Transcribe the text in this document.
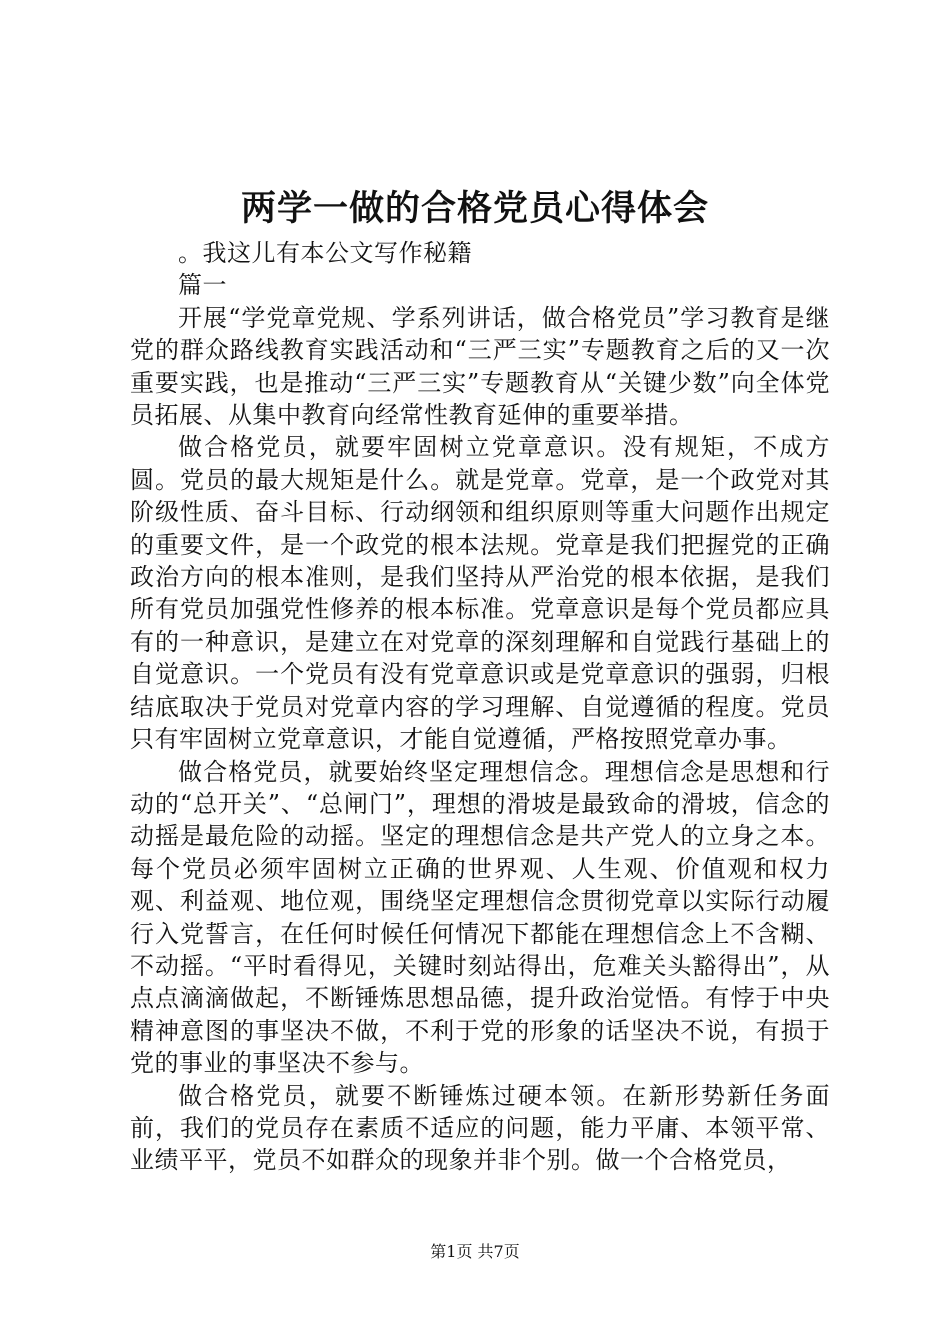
两学一做的合格党员心得体会

。我这儿有本公文写作秘籍

篇一

开展“学党章党规、学系列讲话，做合格党员”学习教育是继党的群众路线教育实践活动和“三严三实”专题教育之后的又一次重要实践，也是推动“三严三实”专题教育从“关键少数”向全体党员拓展、从集中教育向经常性教育延伸的重要举措。

做合格党员，就要牢固树立党章意识。没有规矩，不成方圆。党员的最大规矩是什么。就是党章。党章，是一个政党对其阶级性质、奋斗目标、行动纲领和组织原则等重大问题作出规定的重要文件，是一个政党的根本法规。党章是我们把握党的正确政治方向的根本准则，是我们坚持从严治党的根本依据，是我们所有党员加强党性修养的根本标准。党章意识是每个党员都应具有的一种意识，是建立在对党章的深刻理解和自觉践行基础上的自觉意识。一个党员有没有党章意识或是党章意识的强弱，归根结底取决于党员对党章内容的学习理解、自觉遵循的程度。党员只有牢固树立党章意识，才能自觉遵循，严格按照党章办事。

做合格党员，就要始终坚定理想信念。理想信念是思想和行动的“总开关”、“总闸门”，理想的滑坡是最致命的滑坡，信念的动摇是最危险的动摇。坚定的理想信念是共产党人的立身之本。每个党员必须牢固树立正确的世界观、人生观、价值观和权力观、利益观、地位观，围绕坚定理想信念贯彻党章以实际行动履行入党誓言，在任何时候任何情况下都能在理想信念上不含糊、不动摇。“平时看得见，关键时刻站得出，危难关头豁得出”，从点点滴滴做起，不断锤炼思想品德，提升政治觉悟。有悖于中央精神意图的事坚决不做，不利于党的形象的话坚决不说，有损于党的事业的事坚决不参与。

做合格党员，就要不断锤炼过硬本领。在新形势新任务面前，我们的党员存在素质不适应的问题，能力平庸、本领平常、业绩平平，党员不如群众的现象并非个别。做一个合格党员，

第1页 共7页
